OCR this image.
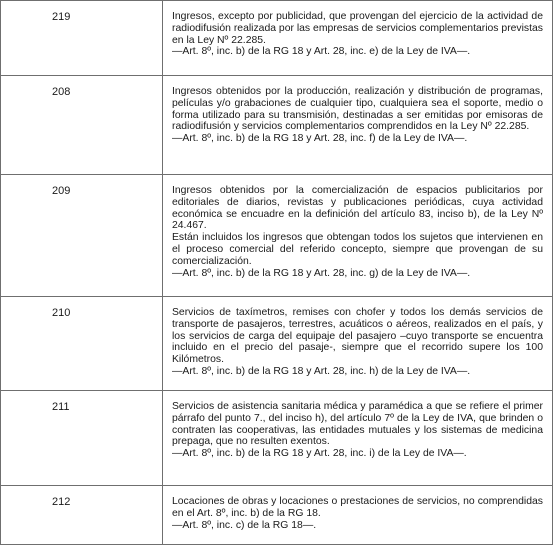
219	Ingresos, excepto por publicidad, que provengan del ejercicio de la actividad de radiodifusión realizada por las empresas de servicios complementarios previstas en la Ley Nº 22.285.

—Art. 8º, inc. b) de la RG 18 y Art. 28, inc. e) de la Ley de IVA—.

208	Ingresos obtenidos por la producción, realización y distribución de programas, películas y/o grabaciones de cualquier tipo, cualquiera sea el soporte, medio o forma utilizado para su transmisión, destinadas a ser emitidas por emisoras de radiodifusión y servicios complementarios comprendidos en la Ley Nº 22.285.

—Art. 8º, inc. b) de la RG 18 y Art. 28, inc. f) de la Ley de IVA—.

209	Ingresos obtenidos por la comercialización de espacios publicitarios por editoriales de diarios, revistas y publicaciones periódicas, cuya actividad económica se encuadre en la definición del artículo 83, inciso b), de la Ley Nº 24.467.

Están incluidos los ingresos que obtengan todos los sujetos que intervienen en el proceso comercial del referido concepto, siempre que provengan de su comercialización.

—Art. 8º, inc. b) de la RG 18 y Art. 28, inc. g) de la Ley de IVA—.

210	Servicios de taxímetros, remises con chofer y todos los demás servicios de transporte de pasajeros, terrestres, acuáticos o aéreos, realizados en el país, y los servicios de carga del equipaje del pasajero –cuyo transporte se encuentra incluido en el precio del pasaje-, siempre que el recorrido supere los 100 Kilómetros.

—Art. 8º, inc. b) de la RG 18 y Art. 28, inc. h) de la Ley de IVA—.

211	Servicios de asistencia sanitaria médica y paramédica a que se refiere el primer párrafo del punto 7., del inciso h), del artículo 7º de la Ley de IVA, que brinden o contraten las cooperativas, las entidades mutuales y los sistemas de medicina prepaga, que no resulten exentos.

—Art. 8º, inc. b) de la RG 18 y Art. 28, inc. i) de la Ley de IVA—.

212	Locaciones de obras y locaciones o prestaciones de servicios, no comprendidas en el Art. 8º, inc. b) de la RG 18.

—Art. 8º, inc. c) de la RG 18—.
